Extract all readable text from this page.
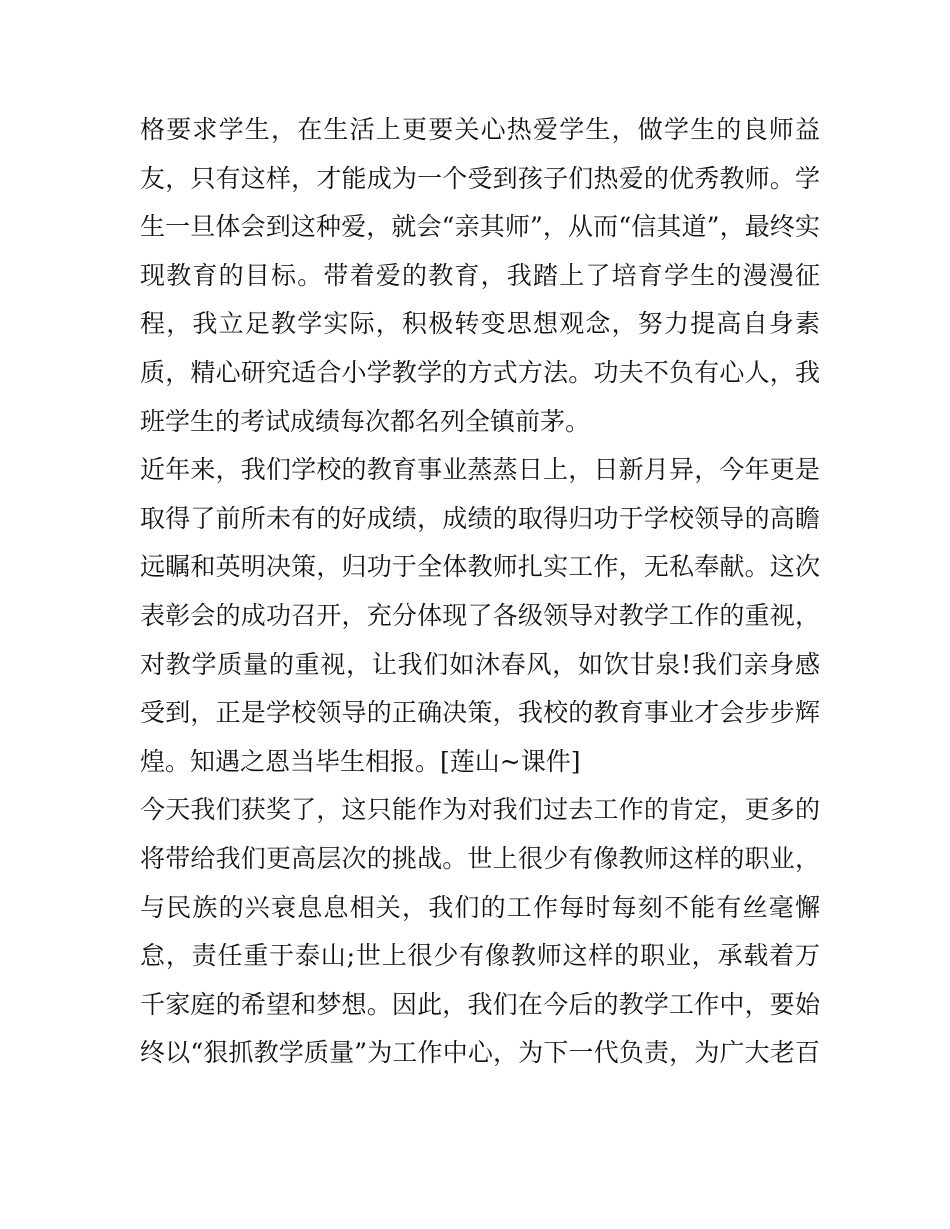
格要求学生，在生活上更要关心热爱学生，做学生的良师益
友，只有这样，才能成为一个受到孩子们热爱的优秀教师。学
生一旦体会到这种爱，就会“亲其师”，从而“信其道”，最终实
现教育的目标。带着爱的教育，我踏上了培育学生的漫漫征
程，我立足教学实际，积极转变思想观念，努力提高自身素
质，精心研究适合小学教学的方式方法。功夫不负有心人，我
班学生的考试成绩每次都名列全镇前茅。
近年来，我们学校的教育事业蒸蒸日上，日新月异，今年更是
取得了前所未有的好成绩，成绩的取得归功于学校领导的高瞻
远瞩和英明决策，归功于全体教师扎实工作，无私奉献。这次
表彰会的成功召开，充分体现了各级领导对教学工作的重视，
对教学质量的重视，让我们如沐春风，如饮甘泉!我们亲身感
受到，正是学校领导的正确决策，我校的教育事业才会步步辉
煌。知遇之恩当毕生相报。[莲山~课件]
今天我们获奖了，这只能作为对我们过去工作的肯定，更多的
将带给我们更高层次的挑战。世上很少有像教师这样的职业，
与民族的兴衰息息相关，我们的工作每时每刻不能有丝毫懈
怠，责任重于泰山;世上很少有像教师这样的职业，承载着万
千家庭的希望和梦想。因此，我们在今后的教学工作中，要始
终以“狠抓教学质量”为工作中心，为下一代负责，为广大老百
